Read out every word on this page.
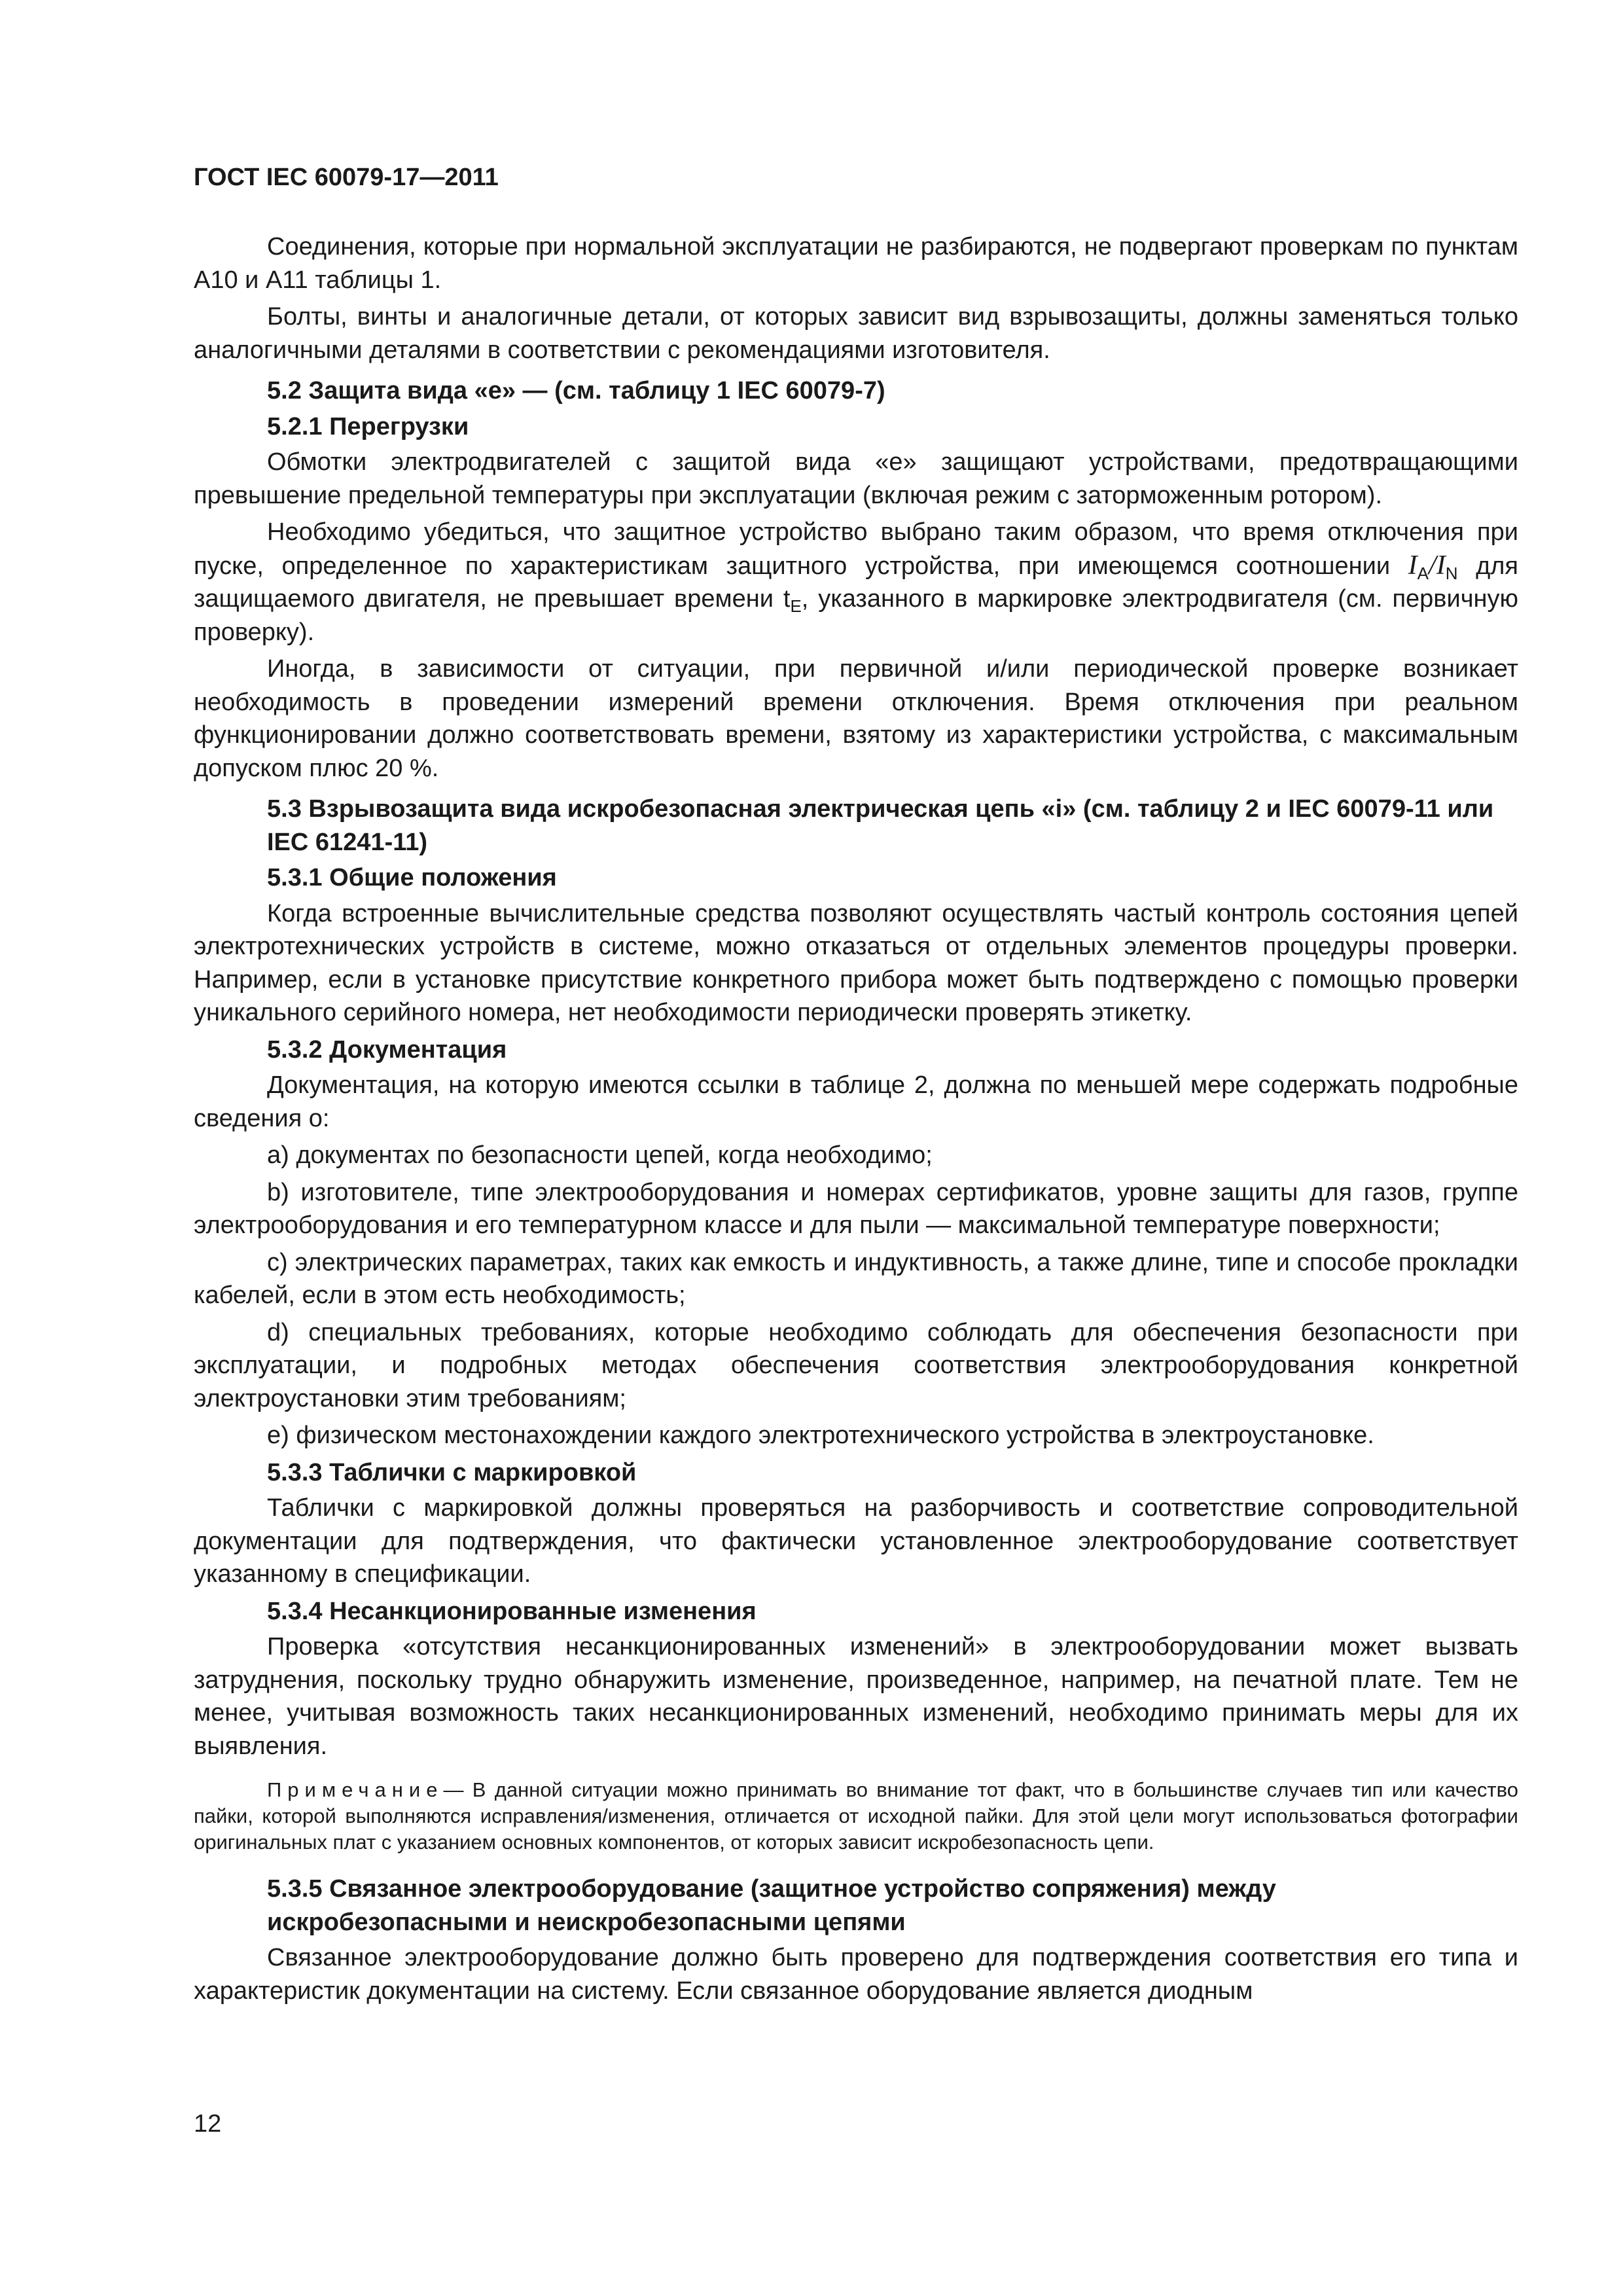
ГОСТ IEC 60079-17—2011

Соединения, которые при нормальной эксплуатации не разбираются, не подвергают проверкам по пунктам А10 и А11 таблицы 1.

Болты, винты и аналогичные детали, от которых зависит вид взрывозащиты, должны заменяться только аналогичными деталями в соответствии с рекомендациями изготовителя.

5.2 Защита вида «е» — (см. таблицу 1 IEC 60079-7)
5.2.1 Перегрузки

Обмотки электродвигателей с защитой вида «е» защищают устройствами, предотвращающими превышение предельной температуры при эксплуатации (включая режим с заторможенным ротором).

Необходимо убедиться, что защитное устройство выбрано таким образом, что время отключения при пуске, определенное по характеристикам защитного устройства, при имеющемся соотношении $I_A/I_N$ для защищаемого двигателя, не превышает времени $t_E$, указанного в маркировке электродвигателя (см. первичную проверку).

Иногда, в зависимости от ситуации, при первичной и/или периодической проверке возникает необходимость в проведении измерений времени отключения. Время отключения при реальном функционировании должно соответствовать времени, взятому из характеристики устройства, с максимальным допуском плюс 20 %.

5.3 Взрывозащита вида искробезопасная электрическая цепь «i» (см. таблицу 2 и IEC 60079-11 или IEC 61241-11)
5.3.1 Общие положения

Когда встроенные вычислительные средства позволяют осуществлять частый контроль состояния цепей электротехнических устройств в системе, можно отказаться от отдельных элементов процедуры проверки. Например, если в установке присутствие конкретного прибора может быть подтверждено с помощью проверки уникального серийного номера, нет необходимости периодически проверять этикетку.

5.3.2 Документация

Документация, на которую имеются ссылки в таблице 2, должна по меньшей мере содержать подробные сведения о:

а) документах по безопасности цепей, когда необходимо;

b) изготовителе, типе электрооборудования и номерах сертификатов, уровне защиты для газов, группе электрооборудования и его температурном классе и для пыли — максимальной температуре поверхности;

c) электрических параметрах, таких как емкость и индуктивность, а также длине, типе и способе прокладки кабелей, если в этом есть необходимость;

d) специальных требованиях, которые необходимо соблюдать для обеспечения безопасности при эксплуатации, и подробных методах обеспечения соответствия электрооборудования конкретной электроустановки этим требованиям;

e) физическом местонахождении каждого электротехнического устройства в электроустановке.

5.3.3 Таблички с маркировкой

Таблички с маркировкой должны проверяться на разборчивость и соответствие сопроводительной документации для подтверждения, что фактически установленное электрооборудование соответствует указанному в спецификации.

5.3.4 Несанкционированные изменения

Проверка «отсутствия несанкционированных изменений» в электрооборудовании может вызвать затруднения, поскольку трудно обнаружить изменение, произведенное, например, на печатной плате. Тем не менее, учитывая возможность таких несанкционированных изменений, необходимо принимать меры для их выявления.

Примечание— В данной ситуации можно принимать во внимание тот факт, что в большинстве случаев тип или качество пайки, которой выполняются исправления/изменения, отличается от исходной пайки. Для этой цели могут использоваться фотографии оригинальных плат с указанием основных компонентов, от которых зависит искробезопасность цепи.

5.3.5 Связанное электрооборудование (защитное устройство сопряжения) между искробезопасными и неискробезопасными цепями

Связанное электрооборудование должно быть проверено для подтверждения соответствия его типа и характеристик документации на систему. Если связанное оборудование является диодным

12
